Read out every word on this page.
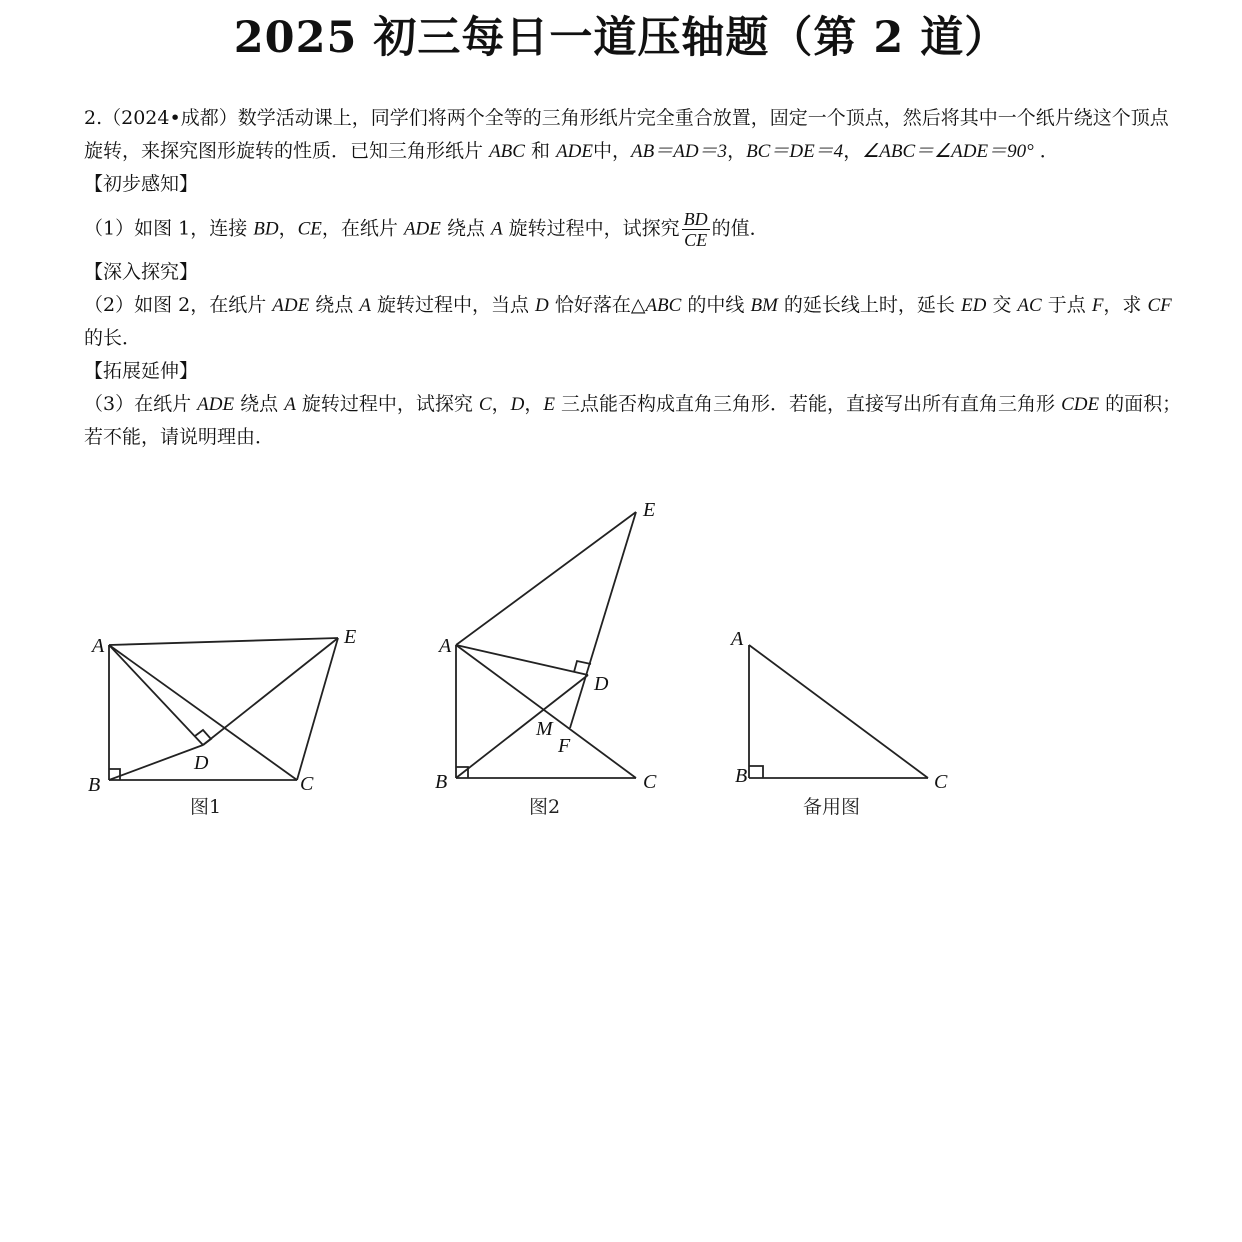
2025 初三每日一道压轴题（第 2 道）

2.（2024•成都）数学活动课上，同学们将两个全等的三角形纸片完全重合放置，固定一个顶点，然后将其中一个纸片绕这个顶点旋转，来探究图形旋转的性质．已知三角形纸片 ABC 和 ADE中，AB＝AD＝3，BC＝DE＝4，∠ABC＝∠ADE＝90° ．

【初步感知】

（1）如图 1，连接 BD，CE，在纸片 ADE 绕点 A 旋转过程中，试探究 $\frac{BD}{CE}$ 的值．

【深入探究】

（2）如图 2，在纸片 ADE 绕点 A 旋转过程中，当点 D 恰好落在△ABC 的中线 BM 的延长线上时，延长 ED 交 AC 于点 F，求 CF 的长．

【拓展延伸】

（3）在纸片 ADE 绕点 A 旋转过程中，试探究 C，D，E 三点能否构成直角三角形．若能，直接写出所有直角三角形 CDE 的面积；若不能，请说明理由．

A
B	C
D
E
图1
A
B	C
D
E
M
F
图2
A
B	C
备用图
